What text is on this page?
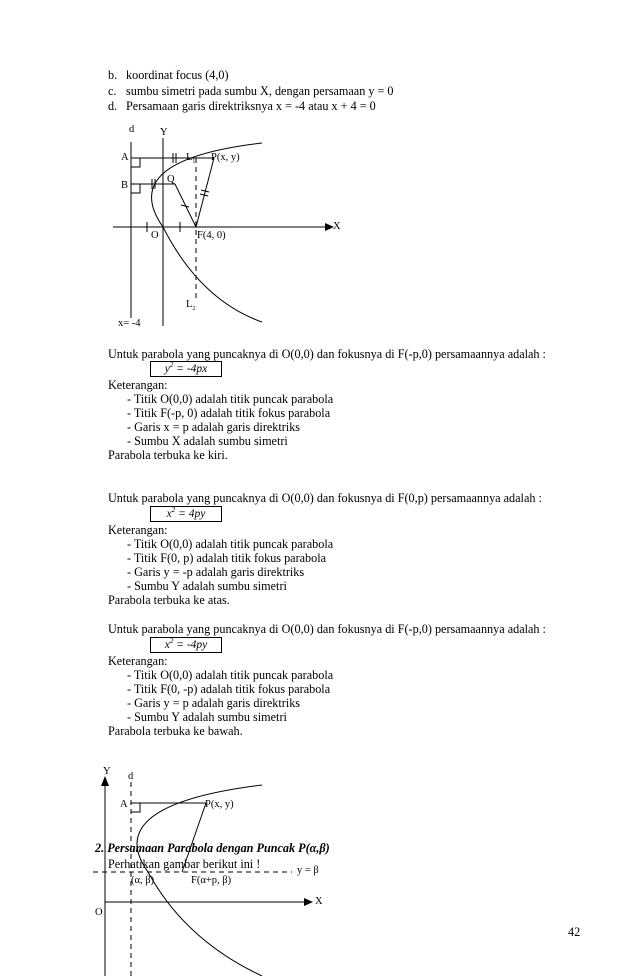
b. koordinat focus (4,0)
c. sumbu simetri pada sumbu X, dengan persamaan y = 0
d. Persamaan garis direktriksnya x = -4 atau x + 4 = 0
d Y
A
B
Q
$L_1$ P(x, y)
X
O	F(4, 0)
$L_2$
x= -4
Untuk parabola yang puncaknya di O(0,0) dan fokusnya di F(-p,0) persamaannya adalah :
$y^2 = -4px$
Keterangan:
- Titik O(0,0) adalah titik puncak parabola
- Titik F(-p, 0) adalah titik fokus parabola
- Garis x = p adalah garis direktriks
- Sumbu X adalah sumbu simetri
Parabola terbuka ke kiri.
Untuk parabola yang puncaknya di O(0,0) dan fokusnya di F(0,p) persamaannya adalah :
$x^2 = 4py$
Keterangan:
- Titik O(0,0) adalah titik puncak parabola
- Titik F(0, p) adalah titik fokus parabola
- Garis y = -p adalah garis direktriks
- Sumbu Y adalah sumbu simetri
Parabola terbuka ke atas.
Untuk parabola yang puncaknya di O(0,0) dan fokusnya di F(-p,0) persamaannya adalah :
$x^2 = -4py$
Keterangan:
- Titik O(0,0) adalah titik puncak parabola
- Titik F(0, -p) adalah titik fokus parabola
- Garis y = p adalah garis direktriks
- Sumbu Y adalah sumbu simetri
Parabola terbuka ke bawah.
Y d
A	P(x, y)
(α, β)	F(α+p, β)
y = β
X
O
2. Persamaan Parabola dengan Puncak P(α,β)
Perhatikan gambar berikut ini !
42
